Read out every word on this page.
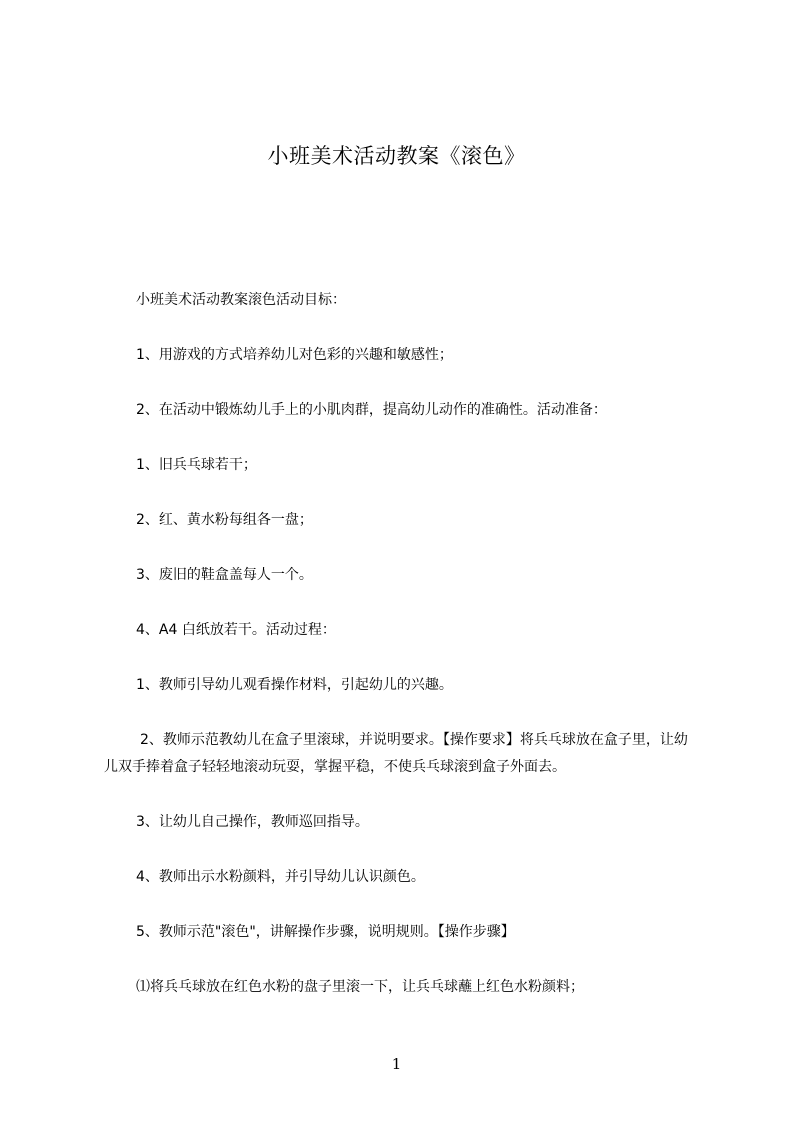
小班美术活动教案《滚色》

小班美术活动教案滚色活动目标：

1、用游戏的方式培养幼儿对色彩的兴趣和敏感性；

2、在活动中锻炼幼儿手上的小肌肉群，提高幼儿动作的准确性。活动准备：

1、旧兵乓球若干；

2、红、黄水粉每组各一盘；

3、废旧的鞋盒盖每人一个。

4、A4 白纸放若干。活动过程：

1、教师引导幼儿观看操作材料，引起幼儿的兴趣。

2、教师示范教幼儿在盒子里滚球，并说明要求。【操作要求】将兵乓球放在盒子里，让幼儿双手捧着盒子轻轻地滚动玩耍，掌握平稳，不使兵乓球滚到盒子外面去。

3、让幼儿自己操作，教师巡回指导。

4、教师出示水粉颜料，并引导幼儿认识颜色。

5、教师示范"滚色"，讲解操作步骤，说明规则。【操作步骤】

⑴将兵乓球放在红色水粉的盘子里滚一下，让兵乓球蘸上红色水粉颜料；

1
